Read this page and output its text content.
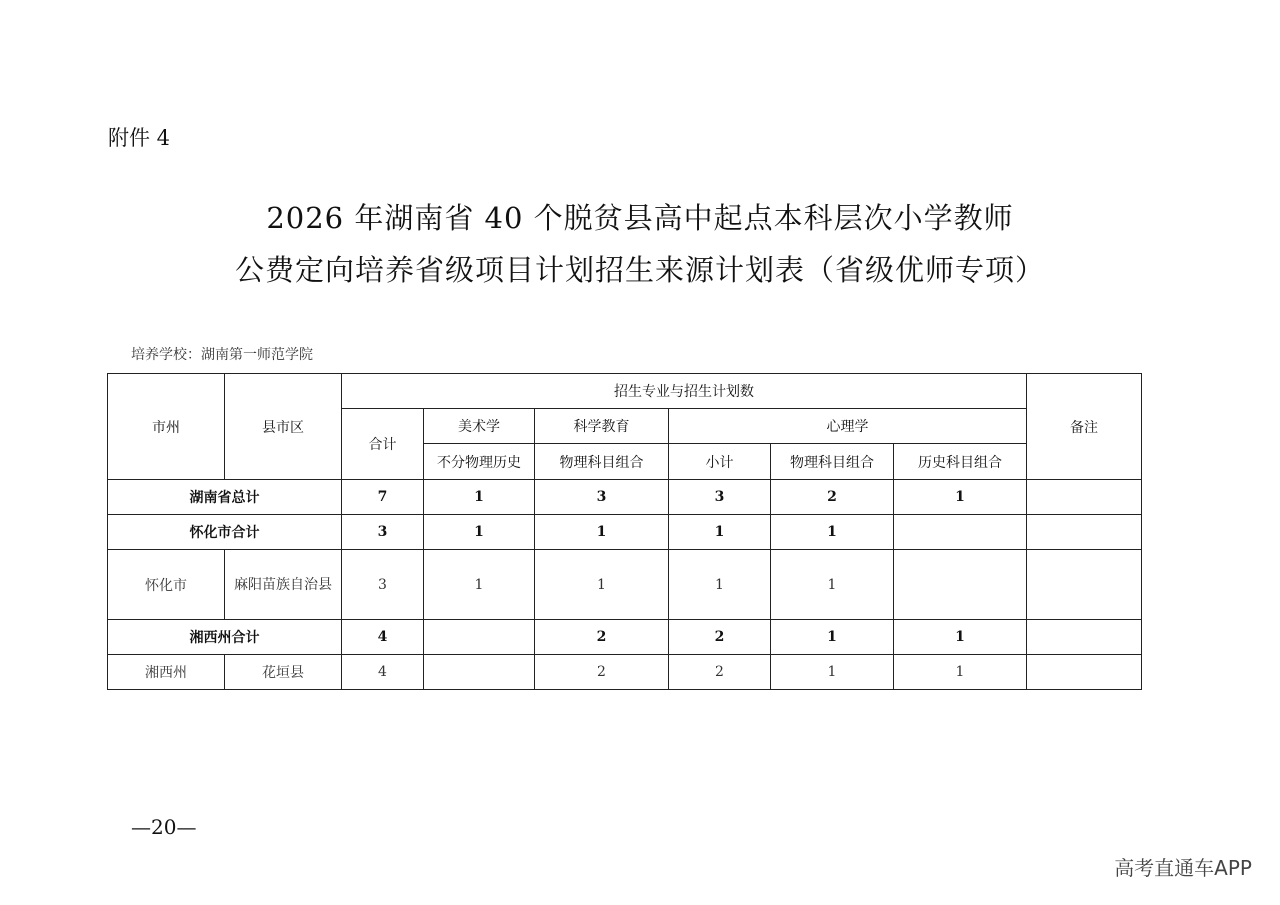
附件 4
2026 年湖南省 40 个脱贫县高中起点本科层次小学教师
公费定向培养省级项目计划招生来源计划表（省级优师专项）
培养学校：湖南第一师范学院
市州	县市区	招生专业与招生计划数						备注
		合计	美术学	科学教育	心理学			
			不分物理历史	物理科目组合	小计	物理科目组合	历史科目组合	
湖南省总计		7	1	3	3	2	1	
怀化市合计		3	1	1	1	1		
怀化市	麻阳苗族自治县	3	1	1	1	1		
湘西州合计		4		2	2	1	1	
湘西州	花垣县	4		2	2	1	1	
—20—
高考直通车APP
